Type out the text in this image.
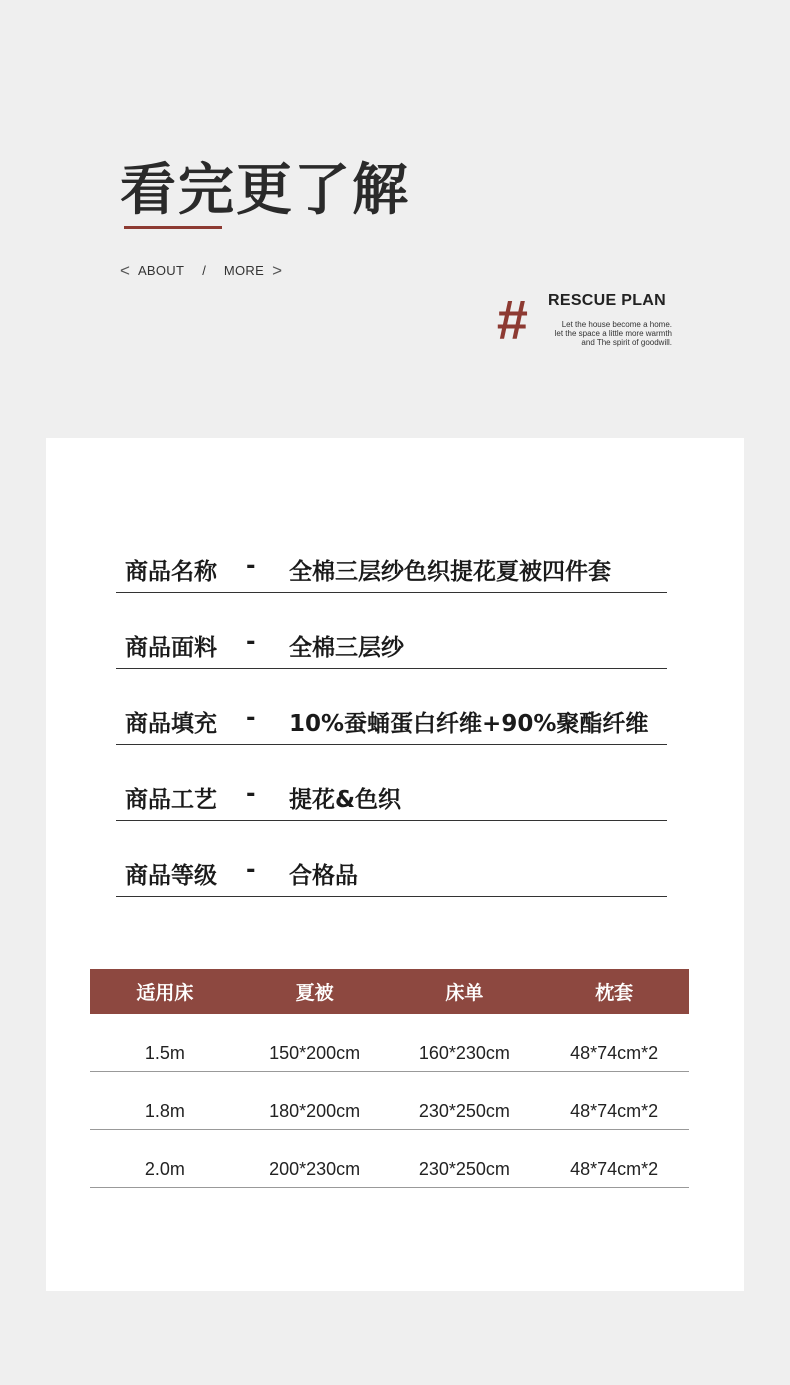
看完更了解
< ABOUT / MORE >
# RESCUE PLAN
Let the house become a home.
let the space a little more warmth
and The spirit of goodwill.
商品名称 - 全棉三层纱色织提花夏被四件套
商品面料 - 全棉三层纱
商品填充 - 10%蚕蛹蛋白纤维+90%聚酯纤维
商品工艺 - 提花&色织
商品等级 - 合格品
适用床	夏被	床单	枕套
1.5m	150*200cm	160*230cm	48*74cm*2
1.8m	180*200cm	230*250cm	48*74cm*2
2.0m	200*230cm	230*250cm	48*74cm*2
